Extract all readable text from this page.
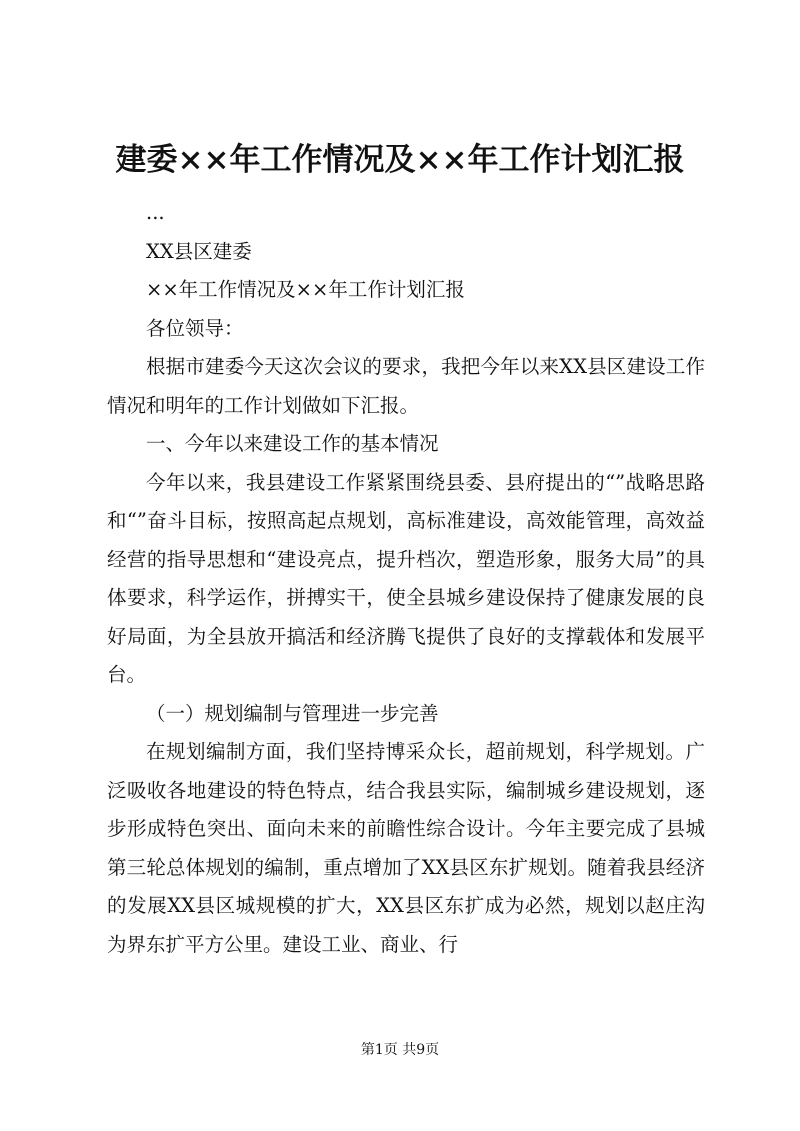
建委××年工作情况及××年工作计划汇报

...

XX县区建委

××年工作情况及××年工作计划汇报

各位领导：

根据市建委今天这次会议的要求，我把今年以来XX县区建设工作情况和明年的工作计划做如下汇报。

一、今年以来建设工作的基本情况

今年以来，我县建设工作紧紧围绕县委、县府提出的“”战略思路和“”奋斗目标，按照高起点规划，高标准建设，高效能管理，高效益经营的指导思想和“建设亮点，提升档次，塑造形象，服务大局”的具体要求，科学运作，拼搏实干，使全县城乡建设保持了健康发展的良好局面，为全县放开搞活和经济腾飞提供了良好的支撑载体和发展平台。

（一）规划编制与管理进一步完善

在规划编制方面，我们坚持博采众长，超前规划，科学规划。广泛吸收各地建设的特色特点，结合我县实际，编制城乡建设规划，逐步形成特色突出、面向未来的前瞻性综合设计。今年主要完成了县城第三轮总体规划的编制，重点增加了XX县区东扩规划。随着我县经济的发展XX县区城规模的扩大，XX县区东扩成为必然，规划以赵庄沟为界东扩平方公里。建设工业、商业、行

第1页 共9页
